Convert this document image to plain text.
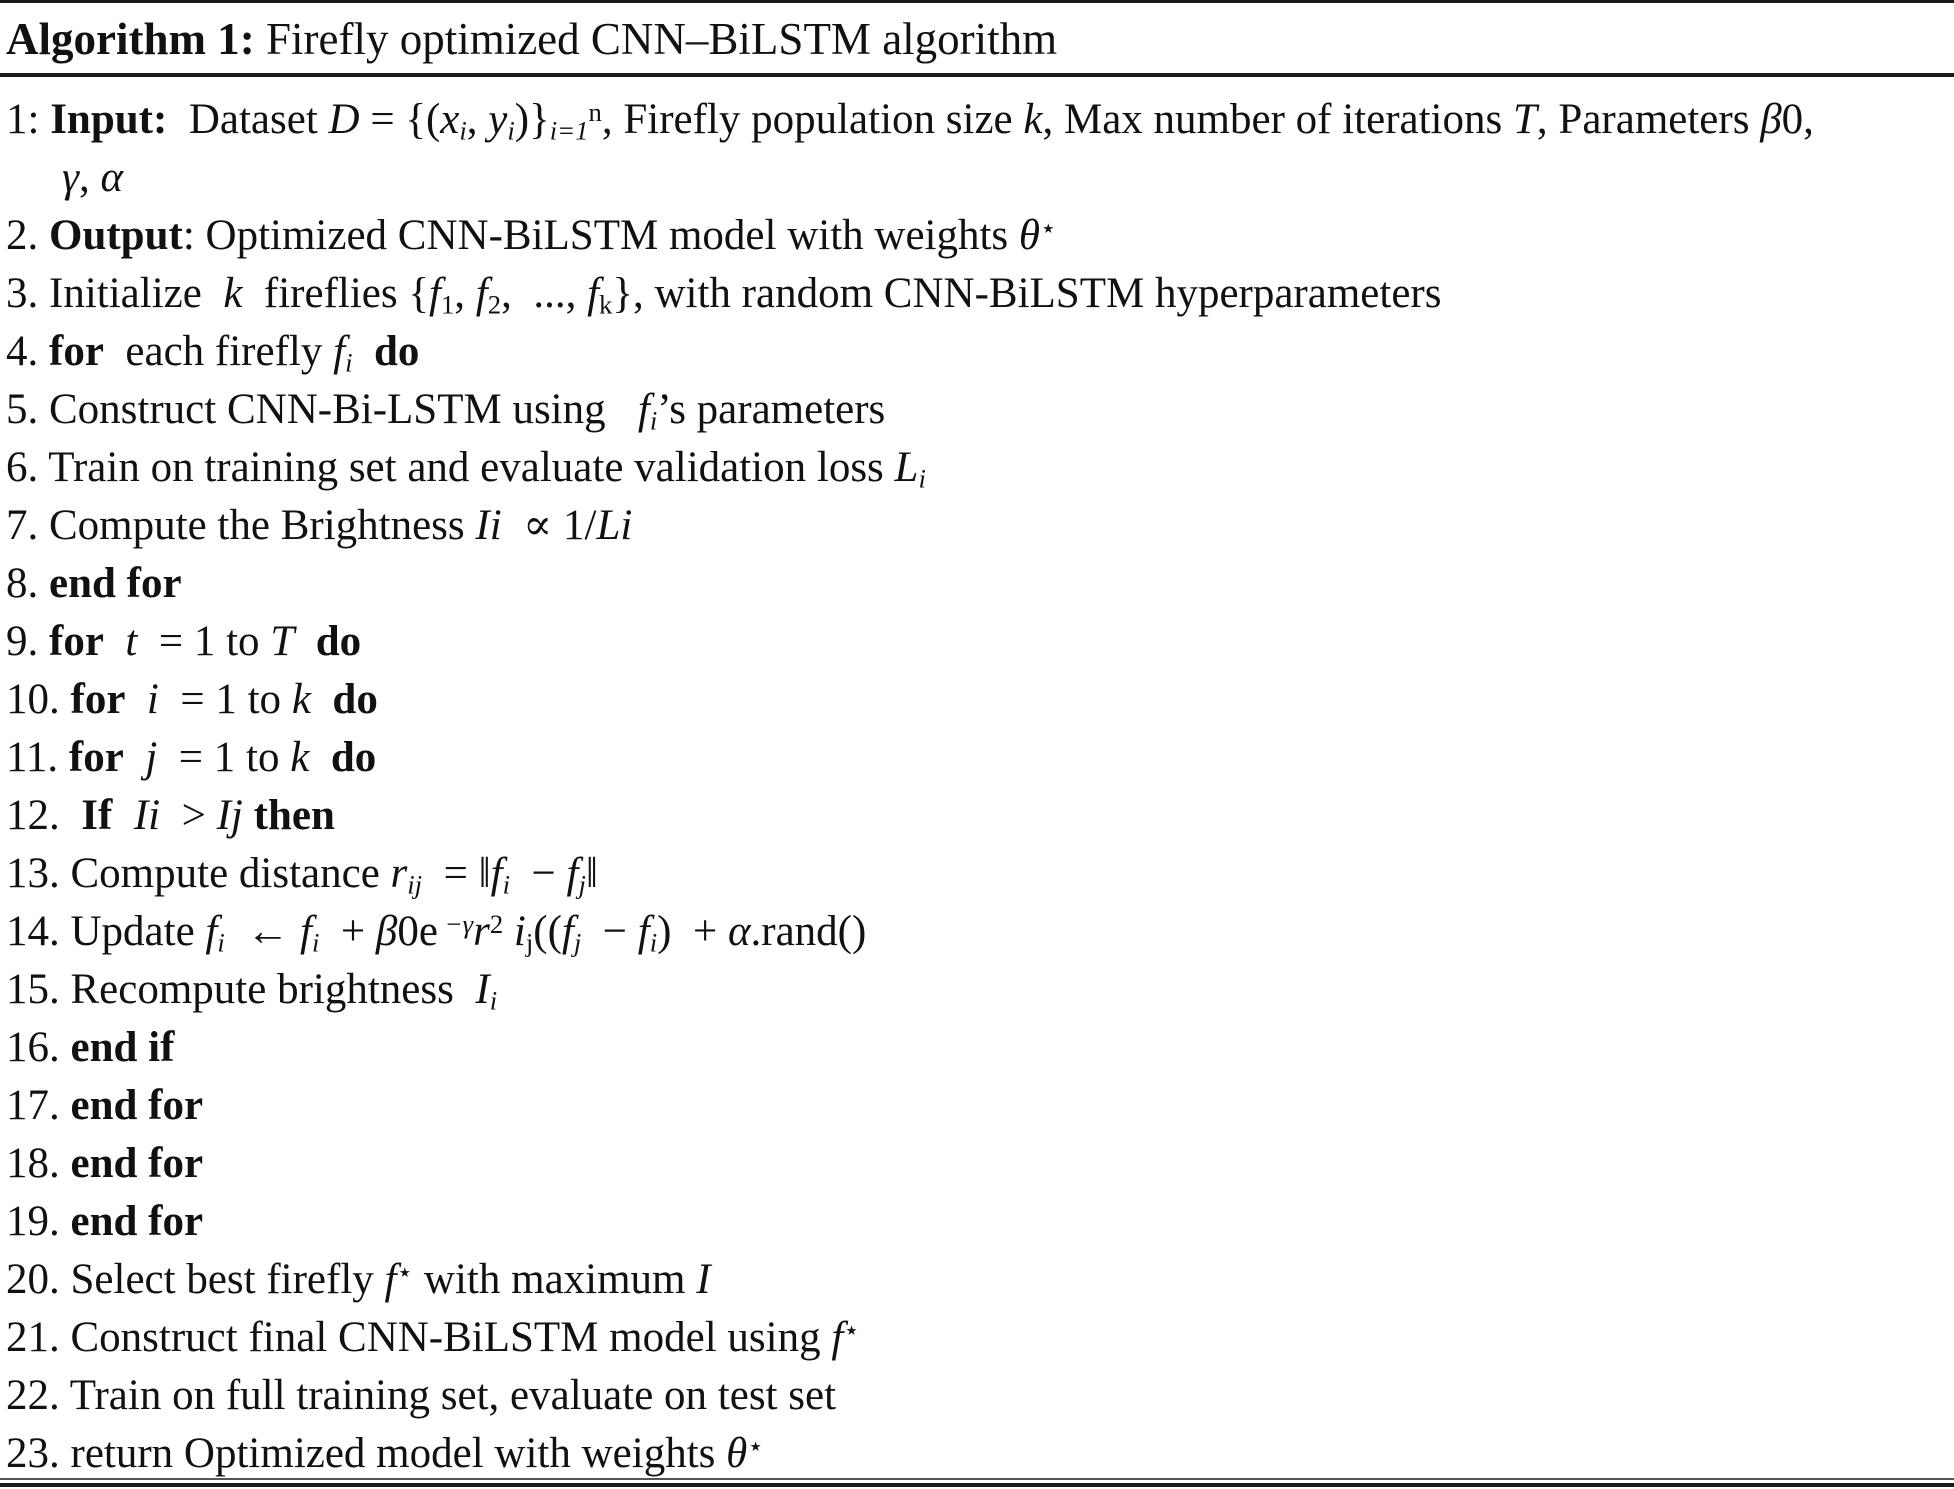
Algorithm 1: Firefly optimized CNN–BiLSTM algorithm
1: Input:  Dataset $D = \{(x_i$, $y_i)\}_{i=1}^n$, Firefly population size k, Max number of iterations T, Parameters β0,
γ, α
2. Output: Optimized CNN-BiLSTM model with weights θ⋆
3. Initialize  k  fireflies {$f_1$, $f_2$,  ..., $f_k$}, with random CNN-BiLSTM hyperparameters
4. for  each firefly $f_i$ do
5. Construct CNN-Bi-LSTM using   $f_i’s$ parameters
6. Train on training set and evaluate validation loss $L_i$
7. Compute the Brightness Ii  ∝ 1/Li
8. end for
9. for t  = 1 to T do
10. for i  = 1 to k do
11. for j  = 1 to k do
12.  If Ii  > Ij then
13. Compute distance $r_{ij}$  = $‖f_i$  − $f_j‖$
14. Update $f_i$  ← $f_i + \beta 0e$ $^{-\gamma}r^2$ $i_j((f_j - f_i)$  + α.rand()
15. Recompute brightness  $I_i$
16. end if
17. end for
18. end for
19. end for
20. Select best firefly f⋆ with maximum I
21. Construct final CNN-BiLSTM model using f⋆
22. Train on full training set, evaluate on test set
23. return Optimized model with weights θ⋆
